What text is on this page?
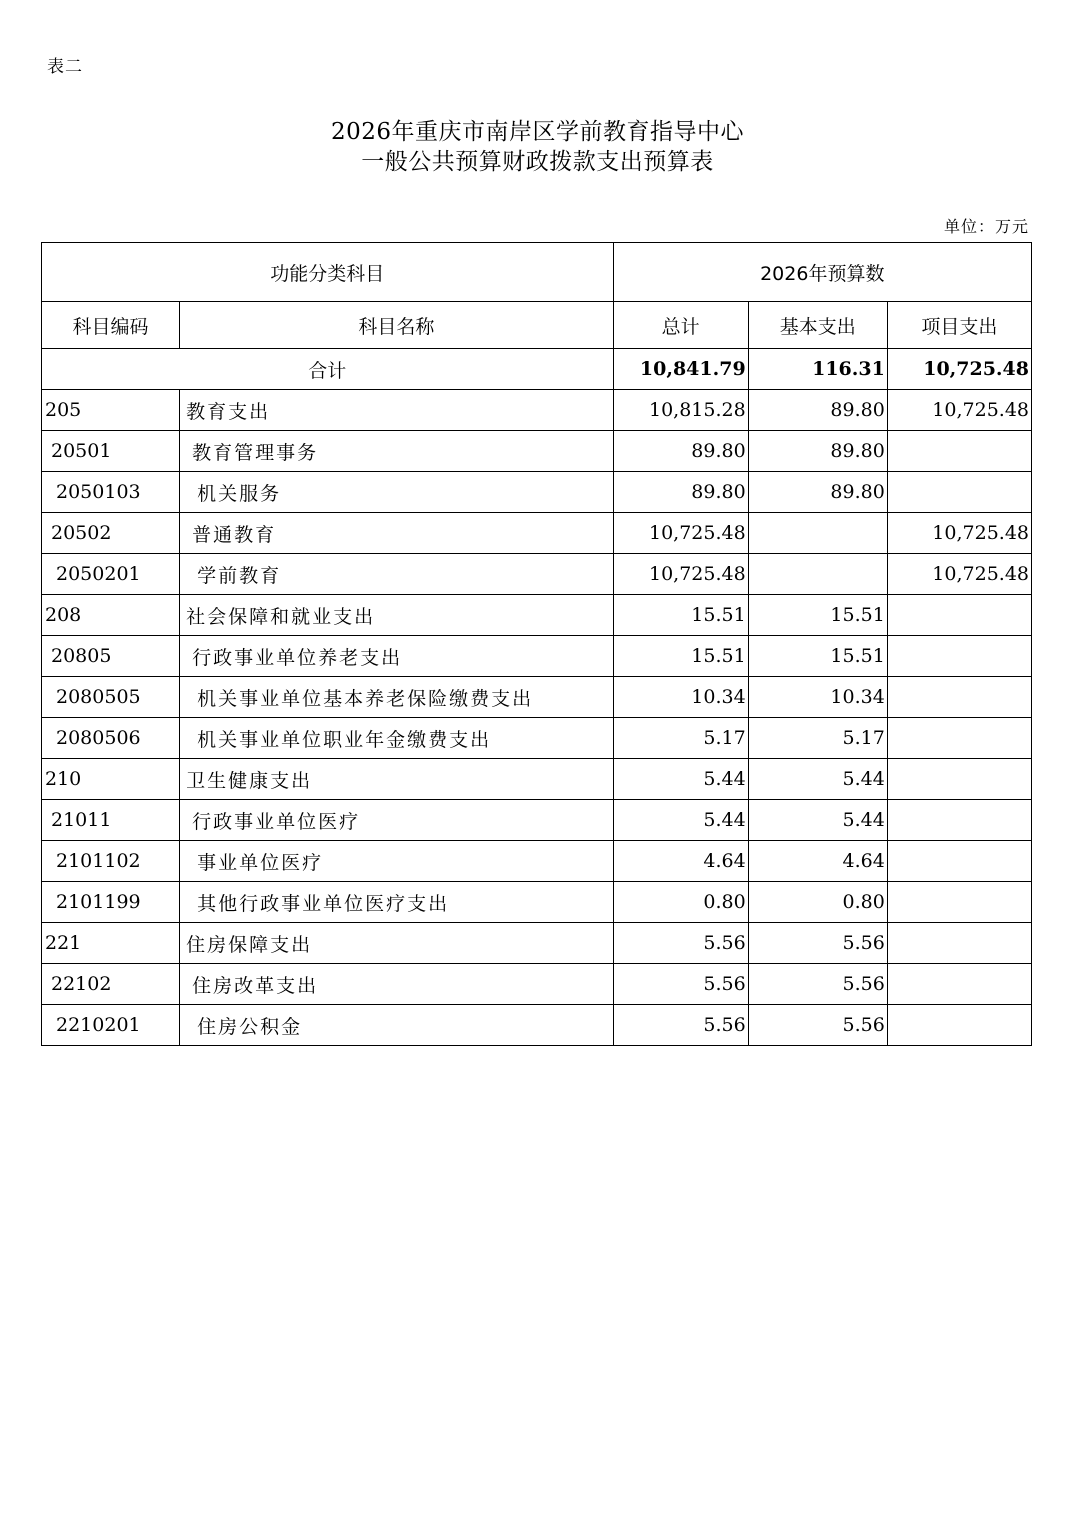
表二
2026年重庆市南岸区学前教育指导中心
一般公共预算财政拨款支出预算表
单位：万元
功能分类科目		2026年预算数		
科目编码	科目名称	总计	基本支出	项目支出
合计		10,841.79	116.31	10,725.48
205	教育支出	10,815.28	89.80	10,725.48
20501	教育管理事务	89.80	89.80	
2050103	机关服务	89.80	89.80	
20502	普通教育	10,725.48		10,725.48
2050201	学前教育	10,725.48		10,725.48
208	社会保障和就业支出	15.51	15.51	
20805	行政事业单位养老支出	15.51	15.51	
2080505	机关事业单位基本养老保险缴费支出	10.34	10.34	
2080506	机关事业单位职业年金缴费支出	5.17	5.17	
210	卫生健康支出	5.44	5.44	
21011	行政事业单位医疗	5.44	5.44	
2101102	事业单位医疗	4.64	4.64	
2101199	其他行政事业单位医疗支出	0.80	0.80	
221	住房保障支出	5.56	5.56	
22102	住房改革支出	5.56	5.56	
2210201	住房公积金	5.56	5.56	
